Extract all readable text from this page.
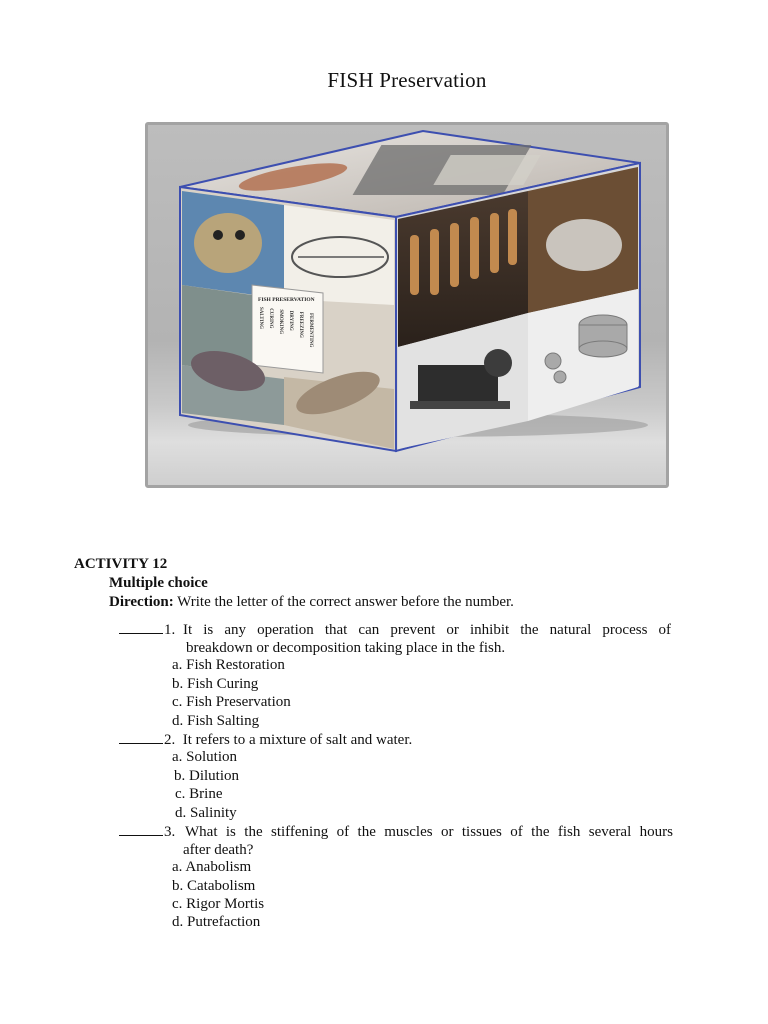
FISH Preservation
FISH PRESERVATION
SALTING CURING SMOKING DRYING FREEZING FERMENTING
ACTIVITY 12
Multiple choice
Direction: Write the letter of the correct answer before the number.
1. It is any operation that can prevent or inhibit the natural process of
breakdown or decomposition taking place in the fish.
a. Fish Restoration
b. Fish Curing
c. Fish Preservation
d. Fish Salting
2. It refers to a mixture of salt and water.
a. Solution
b. Dilution
c. Brine
d. Salinity
3. What is the stiffening of the muscles or tissues of the fish several hours
after death?
a. Anabolism
b. Catabolism
c. Rigor Mortis
d. Putrefaction
